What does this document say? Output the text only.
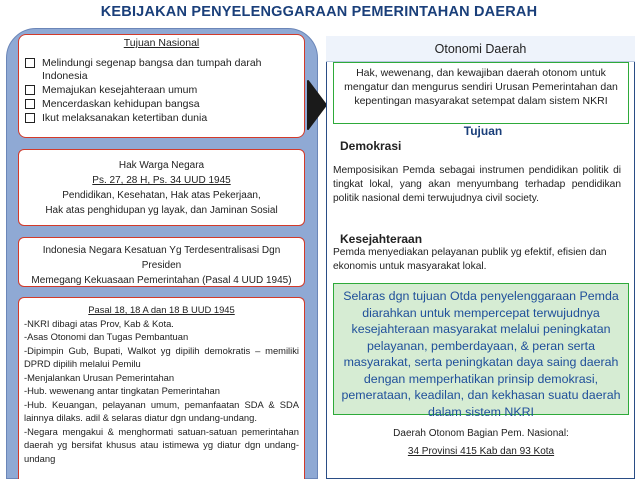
KEBIJAKAN PENYELENGGARAAN PEMERINTAHAN DAERAH
Tujuan Nasional
Melindungi segenap bangsa dan tumpah darah Indonesia
Memajukan kesejahteraan umum
Mencerdaskan kehidupan bangsa
Ikut melaksanakan ketertiban dunia
Hak Warga Negara
Ps. 27, 28 H, Ps. 34 UUD 1945
Pendidikan, Kesehatan, Hak atas Pekerjaan,
Hak atas penghidupan yg layak, dan Jaminan Sosial
Indonesia Negara Kesatuan Yg Terdesentralisasi Dgn Presiden
Memegang Kekuasaan Pemerintahan (Pasal 4 UUD 1945)
Pasal 18, 18 A dan 18 B UUD 1945
-NKRI dibagi atas Prov, Kab & Kota.
-Asas Otonomi dan Tugas Pembantuan
-Dipimpin Gub, Bupati, Walkot yg dipilih demokratis – memiliki DPRD dipilih melalui Pemilu
-Menjalankan Urusan Pemerintahan
-Hub. wewenang antar tingkatan Pemerintahan
-Hub. Keuangan, pelayanan umum, pemanfaatan SDA & SDA lainnya dilaks. adil & selaras diatur dgn undang-undang.
-Negara mengakui & menghormati satuan-satuan pemerintahan daerah yg bersifat khusus atau istimewa yg diatur dgn undang-undang
Otonomi Daerah
Hak, wewenang, dan kewajiban daerah otonom untuk mengatur dan mengurus sendiri Urusan Pemerintahan dan kepentingan masyarakat setempat dalam sistem NKRI
Tujuan
Demokrasi
Memposisikan Pemda sebagai instrumen pendidikan politik di tingkat lokal, yang akan menyumbang terhadap pendidikan politik nasional demi terwujudnya civil society.
Kesejahteraan
Pemda menyediakan pelayanan publik yg efektif, efisien dan ekonomis untuk masyarakat lokal.
Selaras dgn tujuan Otda penyelenggaraan Pemda diarahkan untuk mempercepat terwujudnya kesejahteraan masyarakat melalui peningkatan pelayanan, pemberdayaan, & peran serta masyarakat, serta peningkatan daya saing daerah dengan memperhatikan prinsip demokrasi, pemerataan, keadilan, dan kekhasan suatu daerah dalam sistem NKRI
Daerah Otonom Bagian Pem. Nasional:
34 Provinsi 415 Kab dan 93 Kota
